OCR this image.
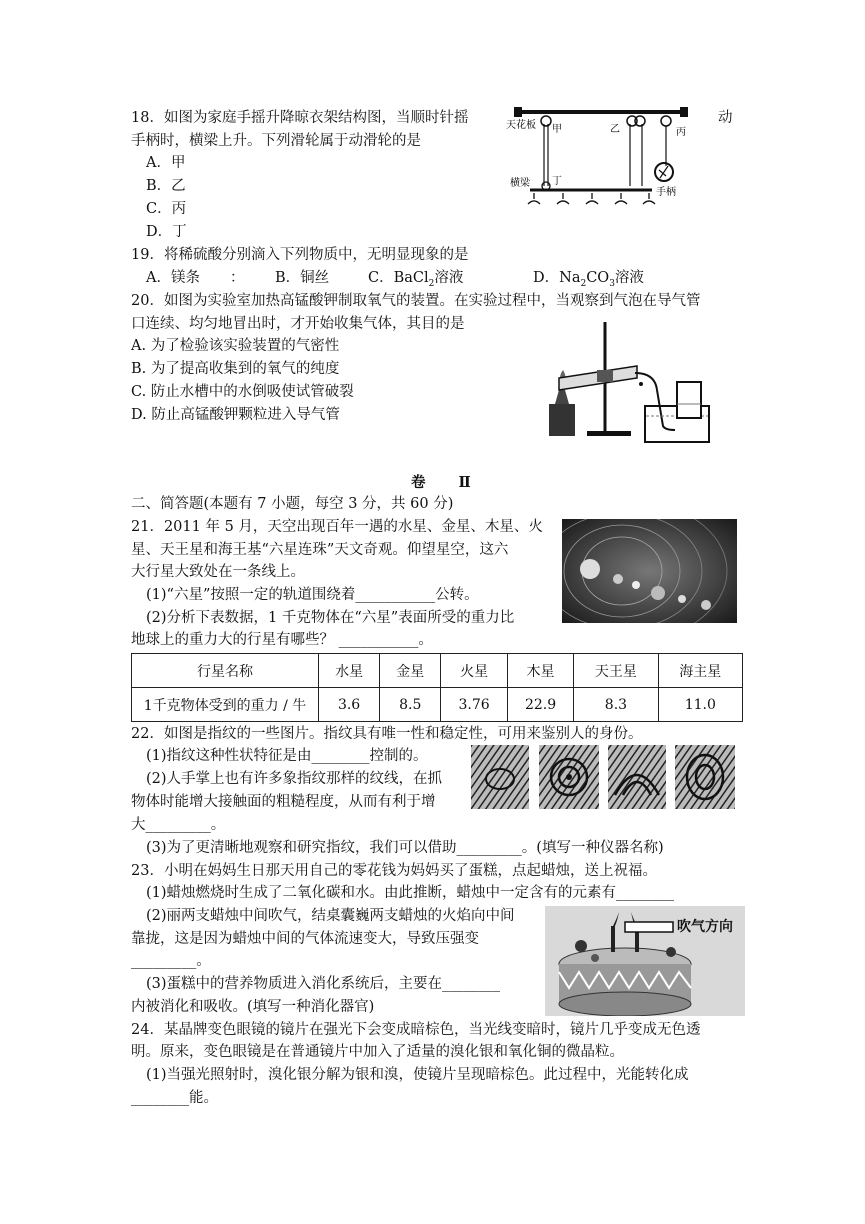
18．如图为家庭手摇升降晾衣架结构图，当顺时针摇	动
手柄时，横梁上升。下列滑轮属于动滑轮的是
A．甲
B．乙
C．丙
D．丁
天花板 甲	乙	丙
手柄
横梁 丁
19．将稀硫酸分别滴入下列物质中，无明显现象的是
A．镁条 ： B．铜丝	C．BaCl$_2$溶液	D．$Na_2CO_3$溶液
20．如图为实验室加热高锰酸钾制取氧气的装置。在实验过程中，当观察到气泡在导气管
口连续、均匀地冒出时，才开始收集气体，其目的是
A. 为了检验该实验装置的气密性
B. 为了提高收集到的氧气的纯度
C. 防止水槽中的水倒吸使试管破裂
D. 防止高锰酸钾颗粒进入导气管
卷 Ⅱ
二、简答题(本题有 7 小题，每空 3 分，共 60 分)
21．2011 年 5 月，天空出现百年一遇的水星、金星、木星、火
星、天王星和海王基“六星连珠”天文奇观。仰望星空，这六
大行星大致处在一条线上。
(1)“六星”按照一定的轨道围绕着___________公转。
(2)分析下表数据，1 千克物体在“六星”表面所受的重力比
地球上的重力大的行星有哪些？ ___________。
行星名称	水星	金星	火星	木星	天王星	海主星
1千克物体受到的重力 / 牛	3.6	8.5	3.76	22.9	8.3	11.0
22．如图是指纹的一些图片。指纹具有唯一性和稳定性，可用来鉴别人的身份。
(1)指纹这种性状特征是由________控制的。
(2)人手掌上也有许多象指纹那样的纹线，在抓
物体时能增大接触面的粗糙程度，从而有利于增
大_________。
(3)为了更清晰地观察和研究指纹，我们可以借助_________。(填写一种仪器名称)
23．小明在妈妈生日那天用自己的零花钱为妈妈买了蛋糕，点起蜡烛，送上祝福。
(1)蜡烛燃烧时生成了二氧化碳和水。由此推断，蜡烛中一定含有的元素有________
(2)丽两支蜡烛中间吹气，结桌囊巍两支蜡烛的火焰向中间
靠拢，这是因为蜡烛中间的气体流速变大，导致压强变
_________。
(3)蛋糕中的营养物质进入消化系统后，主要在________
内被消化和吸收。(填写一种消化器官)
吹气方向
24．某晶牌变色眼镜的镜片在强光下会变成暗棕色，当光线变暗时，镜片几乎变成无色透
明。原来，变色眼镜是在普通镜片中加入了适量的溴化银和氧化铜的微晶粒。
(1)当强光照射时，溴化银分解为银和溴，使镜片呈现暗棕色。此过程中，光能转化成
________能。
